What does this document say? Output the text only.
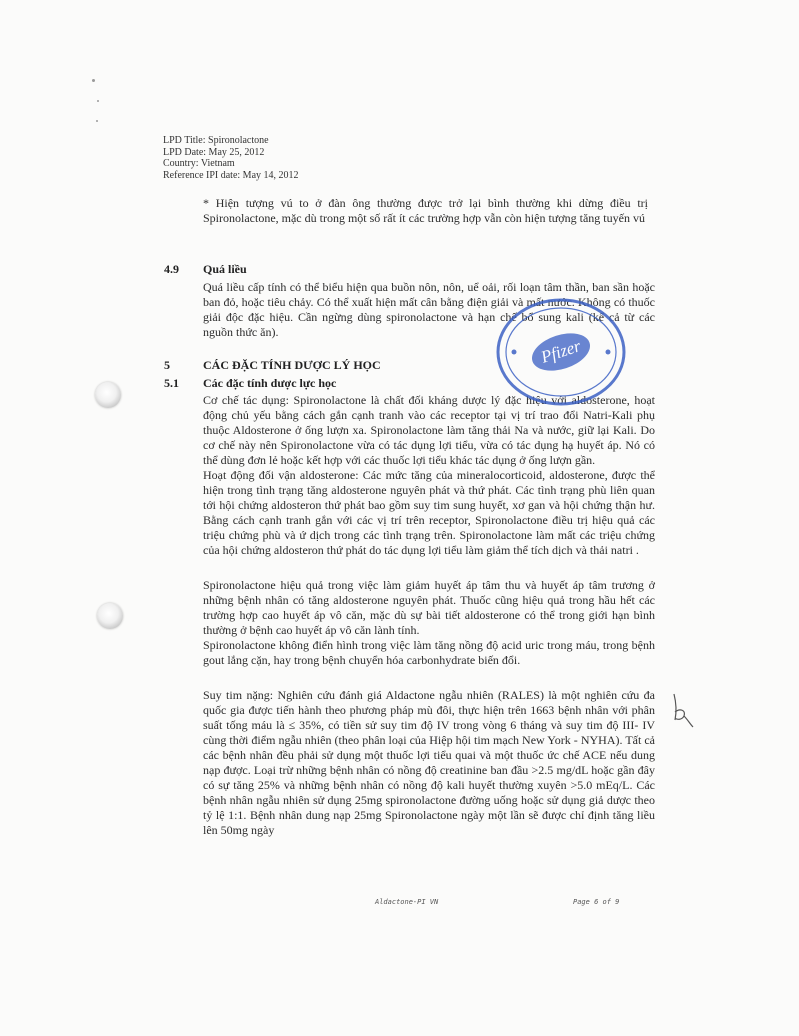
LPD Title: Spironolactone
LPD Date: May 25, 2012
Country: Vietnam
Reference IPI date: May 14, 2012

* Hiện tượng vú to ở đàn ông thường được trở lại bình thường khi dừng điều trị Spironolactone, mặc dù trong một số rất ít các trường hợp vẫn còn hiện tượng tăng tuyến vú

4.9 Quá liều

Quá liều cấp tính có thể biểu hiện qua buồn nôn, nôn, uể oải, rối loạn tâm thần, ban sần hoặc ban đỏ, hoặc tiêu chảy. Có thể xuất hiện mất cân bằng điện giải và mất nước. Không có thuốc giải độc đặc hiệu. Cần ngừng dùng spironolactone và hạn chế bổ sung kali (kể cả từ các nguồn thức ăn).

5	CÁC ĐẶC TÍNH DƯỢC LÝ HỌC
5.1 Các đặc tính dược lực học

Cơ chế tác dụng: Spironolactone là chất đối kháng dược lý đặc hiệu với aldosterone, hoạt động chủ yếu bằng cách gắn cạnh tranh vào các receptor tại vị trí trao đổi Natri-Kali phụ thuộc Aldosterone ở ống lượn xa. Spironolactone làm tăng thải Na và nước, giữ lại Kali. Do cơ chế này nên Spironolactone vừa có tác dụng lợi tiểu, vừa có tác dụng hạ huyết áp. Nó có thể dùng đơn lẻ hoặc kết hợp với các thuốc lợi tiểu khác tác dụng ở ống lượn gần.

Hoạt động đối vận aldosterone: Các mức tăng của mineralocorticoid, aldosterone, được thể hiện trong tình trạng tăng aldosterone nguyên phát và thứ phát. Các tình trạng phù liên quan tới hội chứng aldosteron thứ phát bao gồm suy tim sung huyết, xơ gan và hội chứng thận hư. Bằng cách cạnh tranh gắn với các vị trí trên receptor, Spironolactone điều trị hiệu quả các triệu chứng phù và ứ dịch trong các tình trạng trên. Spironolactone làm mất các triệu chứng của hội chứng aldosteron thứ phát do tác dụng lợi tiểu làm giảm thể tích dịch và thải natri .

Spironolactone hiệu quả trong việc làm giảm huyết áp tâm thu và huyết áp tâm trương ở những bệnh nhân có tăng aldosterone nguyên phát. Thuốc cũng hiệu quả trong hầu hết các trường hợp cao huyết áp vô căn, mặc dù sự bài tiết aldosterone có thể trong giới hạn bình thường ở bệnh cao huyết áp vô căn lành tính.

Spironolactone không điển hình trong việc làm tăng nồng độ acid uric trong máu, trong bệnh gout lắng cặn, hay trong bệnh chuyển hóa carbonhydrate biến đổi.

Suy tim nặng: Nghiên cứu đánh giá Aldactone ngẫu nhiên (RALES) là một nghiên cứu đa quốc gia được tiến hành theo phương pháp mù đôi, thực hiện trên 1663 bệnh nhân với phân suất tống máu là ≤ 35%, có tiền sử suy tim độ IV trong vòng 6 tháng và suy tim độ III- IV cùng thời điểm ngẫu nhiên (theo phân loại của Hiệp hội tim mạch New York - NYHA). Tất cả các bệnh nhân đều phải sử dụng một thuốc lợi tiểu quai và một thuốc ức chế ACE nếu dung nạp được. Loại trừ những bệnh nhân có nồng độ creatinine ban đầu >2.5 mg/dL hoặc gần đây có sự tăng 25% và những bệnh nhân có nồng độ kali huyết thường xuyên >5.0 mEq/L. Các bệnh nhân ngẫu nhiên sử dụng 25mg spironolactone đường uống hoặc sử dụng giả dược theo tỷ lệ 1:1. Bệnh nhân dung nạp 25mg Spironolactone ngày một lần sẽ được chỉ định tăng liều lên 50mg ngày

Pfizer
Aldactone-PI VN	Page 6 of 9
